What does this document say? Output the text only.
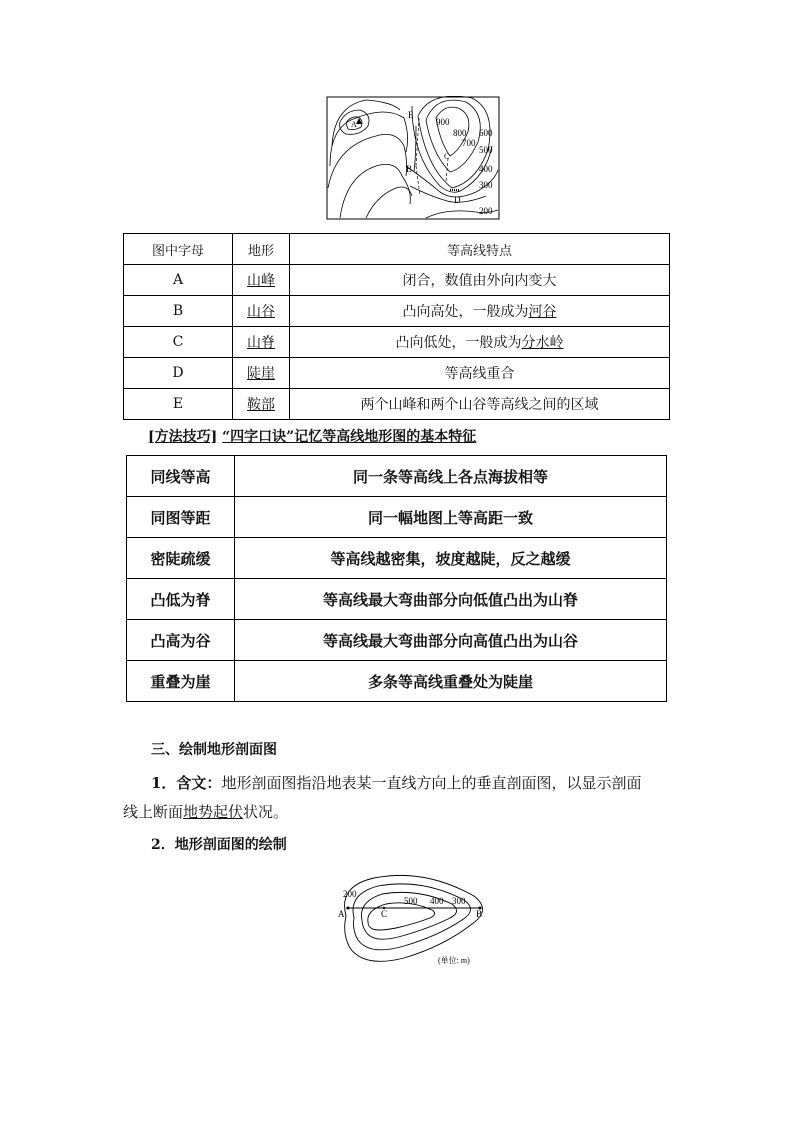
900
800
700
600
500
400
300
200
A
E
C
B
D
图中字母	地形	等高线特点
A	山峰	闭合，数值由外向内变大
B	山谷	凸向高处，一般成为河谷
C	山脊	凸向低处，一般成为分水岭
D	陡崖	等高线重合
E	鞍部	两个山峰和两个山谷等高线之间的区域
[方法技巧] “四字口诀”记忆等高线地形图的基本特征
同线等高	同一条等高线上各点海拔相等
同图等距	同一幅地图上等高距一致
密陡疏缓	等高线越密集，坡度越陡，反之越缓
凸低为脊	等高线最大弯曲部分向低值凸出为山脊
凸高为谷	等高线最大弯曲部分向高值凸出为山谷
重叠为崖	多条等高线重叠处为陡崖
三、绘制地形剖面图
1．含文：地形剖面图指沿地表某一直线方向上的垂直剖面图，以显示剖面
线上断面地势起伏状况。
2．地形剖面图的绘制
200
500 400 300
A	C	B
(单位: m)
